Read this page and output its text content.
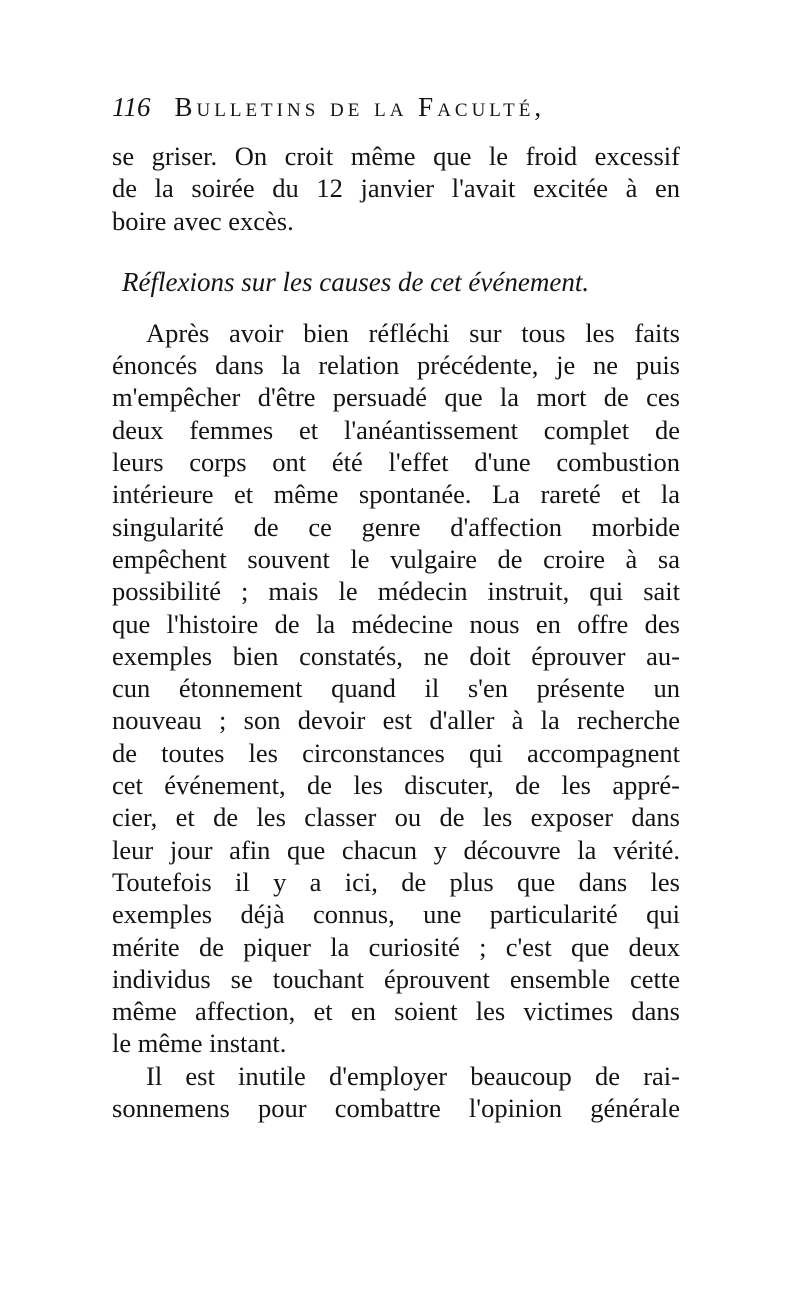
116 Bulletins de la Faculté,
se griser. On croit même que le froid excessif
de la soirée du 12 janvier l'avait excitée à en
boire avec excès.
Réflexions sur les causes de cet événement.
Après avoir bien réfléchi sur tous les faits
énoncés dans la relation précédente, je ne puis
m'empêcher d'être persuadé que la mort de ces
deux femmes et l'anéantissement complet de
leurs corps ont été l'effet d'une combustion
intérieure et même spontanée. La rareté et la
singularité de ce genre d'affection morbide
empêchent souvent le vulgaire de croire à sa
possibilité ; mais le médecin instruit, qui sait
que l'histoire de la médecine nous en offre des
exemples bien constatés, ne doit éprouver au-
cun étonnement quand il s'en présente un
nouveau ; son devoir est d'aller à la recherche
de toutes les circonstances qui accompagnent
cet événement, de les discuter, de les appré-
cier, et de les classer ou de les exposer dans
leur jour afin que chacun y découvre la vérité.
Toutefois il y a ici, de plus que dans les
exemples déjà connus, une particularité qui
mérite de piquer la curiosité ; c'est que deux
individus se touchant éprouvent ensemble cette
même affection, et en soient les victimes dans
le même instant.
Il est inutile d'employer beaucoup de rai-
sonnemens pour combattre l'opinion générale
